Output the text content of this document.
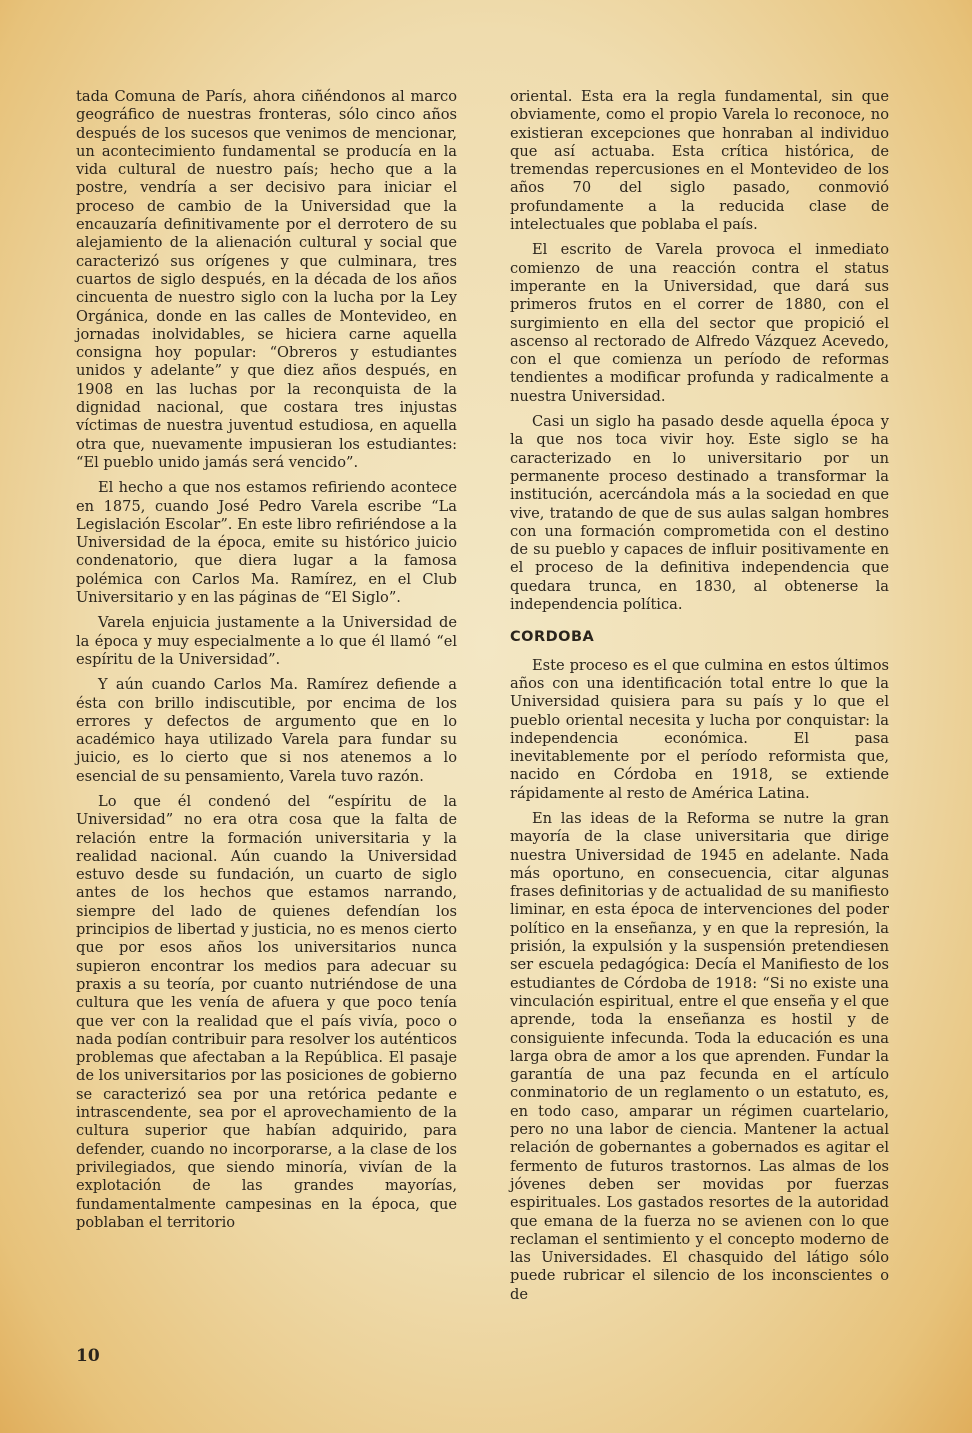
tada Comuna de París, ahora ciñéndonos al marco geográfico de nuestras fronteras, sólo cinco años después de los sucesos que venimos de mencionar, un acontecimiento fundamental se producía en la vida cultural de nuestro país; hecho que a la postre, vendría a ser decisivo para iniciar el proceso de cambio de la Universidad que la encauzaría definitivamente por el derrotero de su alejamiento de la alienación cultural y social que caracterizó sus orígenes y que culminara, tres cuartos de siglo después, en la década de los años cincuenta de nuestro siglo con la lucha por la Ley Orgánica, donde en las calles de Montevideo, en jornadas inolvidables, se hiciera carne aquella consigna hoy popular: “Obreros y estudiantes unidos y adelante” y que diez años después, en 1908 en las luchas por la reconquista de la dignidad nacional, que costara tres injustas víctimas de nuestra juventud estudiosa, en aquella otra que, nuevamente impusieran los estudiantes: “El pueblo unido jamás será vencido”.

El hecho a que nos estamos refiriendo acontece en 1875, cuando José Pedro Varela escribe “La Legislación Escolar”. En este libro refiriéndose a la Universidad de la época, emite su histórico juicio condenatorio, que diera lugar a la famosa polémica con Carlos Ma. Ramírez, en el Club Universitario y en las páginas de “El Siglo”.

Varela enjuicia justamente a la Universidad de la época y muy especialmente a lo que él llamó “el espíritu de la Universidad”.

Y aún cuando Carlos Ma. Ramírez defiende a ésta con brillo indiscutible, por encima de los errores y defectos de argumento que en lo académico haya utilizado Varela para fundar su juicio, es lo cierto que si nos atenemos a lo esencial de su pensamiento, Varela tuvo razón.

Lo que él condenó del “espíritu de la Universidad” no era otra cosa que la falta de relación entre la formación universitaria y la realidad nacional. Aún cuando la Universidad estuvo desde su fundación, un cuarto de siglo antes de los hechos que estamos narrando, siempre del lado de quienes defendían los principios de libertad y justicia, no es menos cierto que por esos años los universitarios nunca supieron encontrar los medios para adecuar su praxis a su teoría, por cuanto nutriéndose de una cultura que les venía de afuera y que poco tenía que ver con la realidad que el país vivía, poco o nada podían contribuir para resolver los auténticos problemas que afectaban a la República. El pasaje de los universitarios por las posiciones de gobierno se caracterizó sea por una retórica pedante e intrascendente, sea por el aprovechamiento de la cultura superior que habían adquirido, para defender, cuando no incorporarse, a la clase de los privilegiados, que siendo minoría, vivían de la explotación de las grandes mayorías, fundamentalmente campesinas en la época, que poblaban el territorio

oriental. Esta era la regla fundamental, sin que obviamente, como el propio Varela lo reconoce, no existieran excepciones que honraban al individuo que así actuaba. Esta crítica histórica, de tremendas repercusiones en el Montevideo de los años 70 del siglo pasado, conmovió profundamente a la reducida clase de intelectuales que poblaba el país.

El escrito de Varela provoca el inmediato comienzo de una reacción contra el status imperante en la Universidad, que dará sus primeros frutos en el correr de 1880, con el surgimiento en ella del sector que propició el ascenso al rectorado de Alfredo Vázquez Acevedo, con el que comienza un período de reformas tendientes a modificar profunda y radicalmente a nuestra Universidad.

Casi un siglo ha pasado desde aquella época y la que nos toca vivir hoy. Este siglo se ha caracterizado en lo universitario por un permanente proceso destinado a transformar la institución, acercándola más a la sociedad en que vive, tratando de que de sus aulas salgan hombres con una formación comprometida con el destino de su pueblo y capaces de influir positivamente en el proceso de la definitiva independencia que quedara trunca, en 1830, al obtenerse la independencia política.

CORDOBA

Este proceso es el que culmina en estos últimos años con una identificación total entre lo que la Universidad quisiera para su país y lo que el pueblo oriental necesita y lucha por conquistar: la independencia económica. El pasa inevitablemente por el período reformista que, nacido en Córdoba en 1918, se extiende rápidamente al resto de América Latina.

En las ideas de la Reforma se nutre la gran mayoría de la clase universitaria que dirige nuestra Universidad de 1945 en adelante. Nada más oportuno, en consecuencia, citar algunas frases definitorias y de actualidad de su manifiesto liminar, en esta época de intervenciones del poder político en la enseñanza, y en que la represión, la prisión, la expulsión y la suspensión pretendiesen ser escuela pedagógica: Decía el Manifiesto de los estudiantes de Córdoba de 1918: “Si no existe una vinculación espiritual, entre el que enseña y el que aprende, toda la enseñanza es hostil y de consiguiente infecunda. Toda la educación es una larga obra de amor a los que aprenden. Fundar la garantía de una paz fecunda en el artículo conminatorio de un reglamento o un estatuto, es, en todo caso, amparar un régimen cuartelario, pero no una labor de ciencia. Mantener la actual relación de gobernantes a gobernados es agitar el fermento de futuros trastornos. Las almas de los jóvenes deben ser movidas por fuerzas espirituales. Los gastados resortes de la autoridad que emana de la fuerza no se avienen con lo que reclaman el sentimiento y el concepto moderno de las Universidades. El chasquido del látigo sólo puede rubricar el silencio de los inconscientes o de

10
